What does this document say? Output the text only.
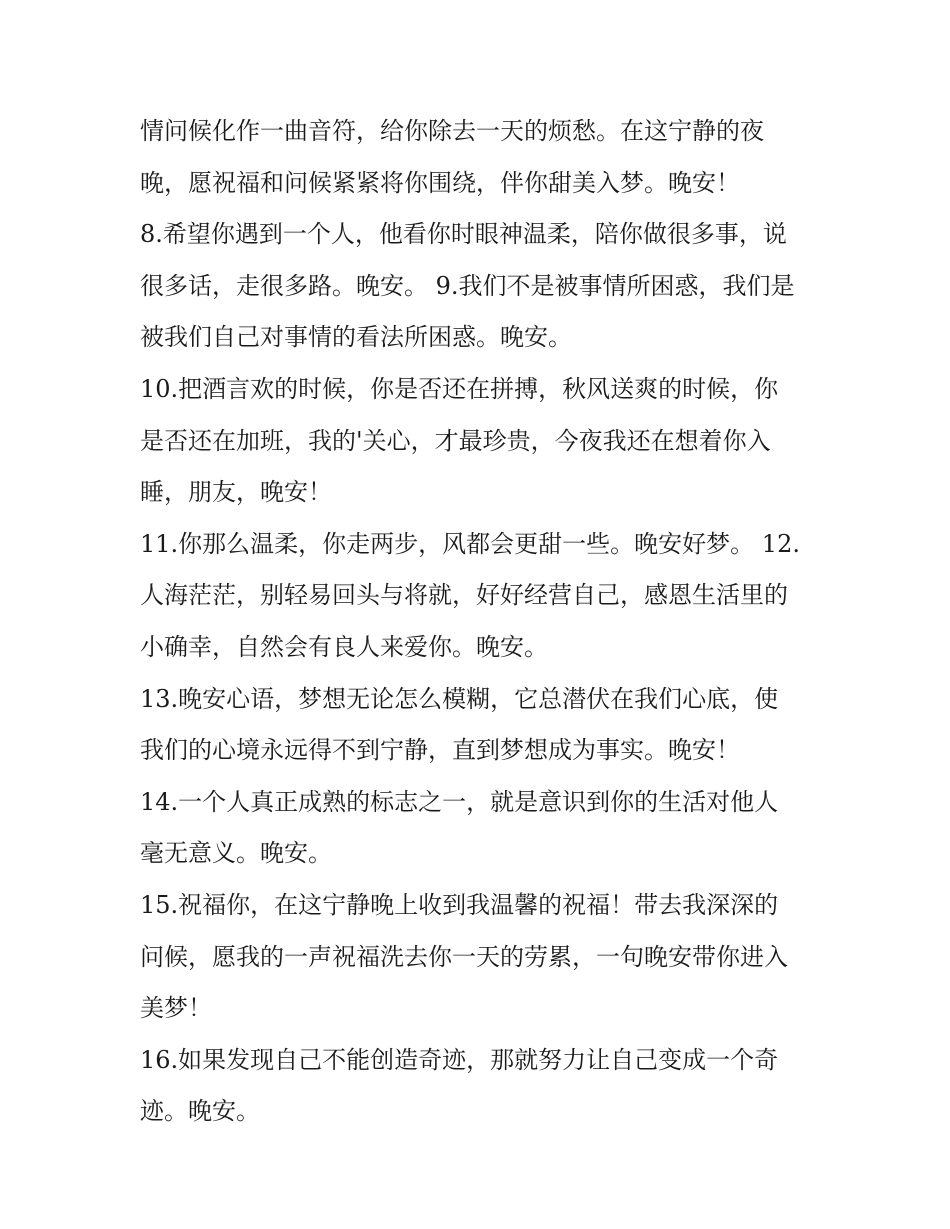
情问候化作一曲音符，给你除去一天的烦愁。在这宁静的夜
晚，愿祝福和问候紧紧将你围绕，伴你甜美入梦。晚安！
8.希望你遇到一个人，他看你时眼神温柔，陪你做很多事，说
很多话，走很多路。晚安。 9.我们不是被事情所困惑，我们是
被我们自己对事情的看法所困惑。晚安。
10.把酒言欢的时候，你是否还在拼搏，秋风送爽的时候，你
是否还在加班，我的'关心，才最珍贵，今夜我还在想着你入
睡，朋友，晚安！
11.你那么温柔，你走两步，风都会更甜一些。晚安好梦。 12.
人海茫茫，别轻易回头与将就，好好经营自己，感恩生活里的
小确幸，自然会有良人来爱你。晚安。
13.晚安心语，梦想无论怎么模糊，它总潜伏在我们心底，使
我们的心境永远得不到宁静，直到梦想成为事实。晚安！
14.一个人真正成熟的标志之一，就是意识到你的生活对他人
毫无意义。晚安。
15.祝福你，在这宁静晚上收到我温馨的祝福！带去我深深的
问候，愿我的一声祝福洗去你一天的劳累，一句晚安带你进入
美梦！
16.如果发现自己不能创造奇迹，那就努力让自己变成一个奇
迹。晚安。
